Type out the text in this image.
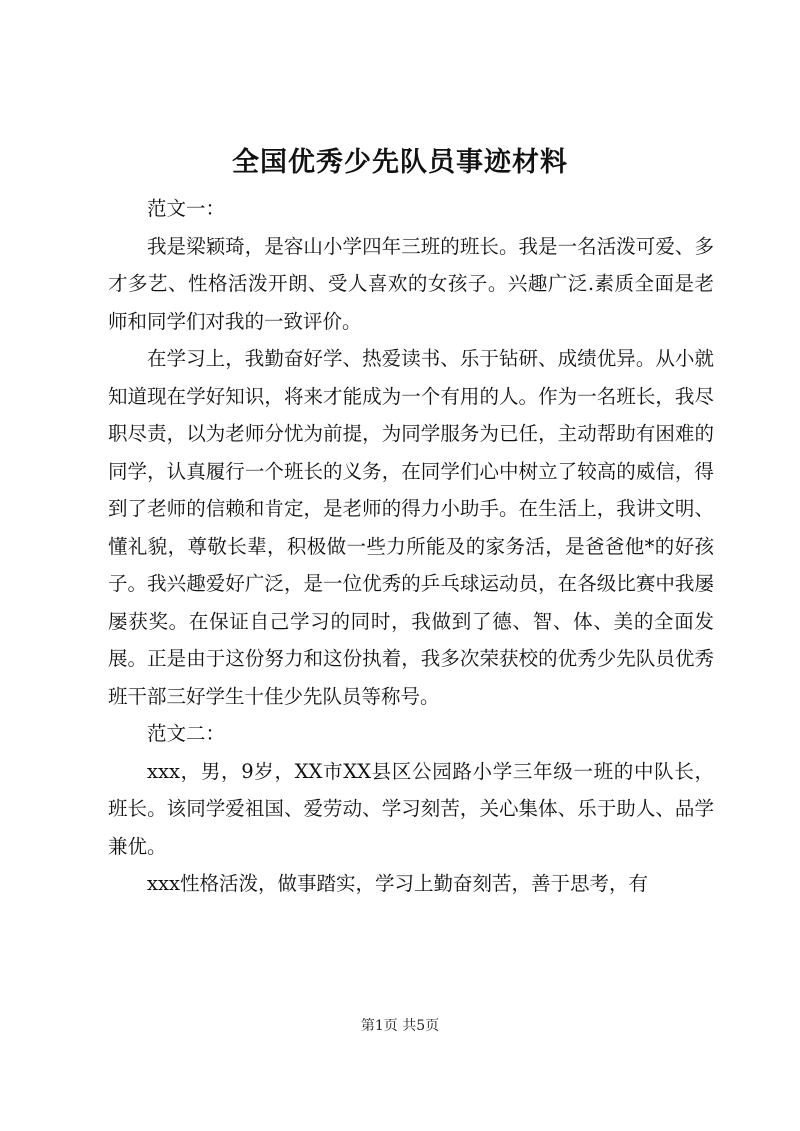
全国优秀少先队员事迹材料

范文一：

我是梁颖琦，是容山小学四年三班的班长。我是一名活泼可爱、多才多艺、性格活泼开朗、受人喜欢的女孩子。兴趣广泛.素质全面是老师和同学们对我的一致评价。

在学习上，我勤奋好学、热爱读书、乐于钻研、成绩优异。从小就知道现在学好知识，将来才能成为一个有用的人。作为一名班长，我尽职尽责，以为老师分忧为前提，为同学服务为已任，主动帮助有困难的同学，认真履行一个班长的义务，在同学们心中树立了较高的威信，得到了老师的信赖和肯定，是老师的得力小助手。在生活上，我讲文明、懂礼貌，尊敬长辈，积极做一些力所能及的家务活，是爸爸他*的好孩子。我兴趣爱好广泛，是一位优秀的乒乓球运动员，在各级比赛中我屡屡获奖。在保证自己学习的同时，我做到了德、智、体、美的全面发展。正是由于这份努力和这份执着，我多次荣获校的优秀少先队员优秀班干部三好学生十佳少先队员等称号。

范文二：

xxx，男，9岁，XX市XX县区公园路小学三年级一班的中队长，班长。该同学爱祖国、爱劳动、学习刻苦，关心集体、乐于助人、品学兼优。

xxx性格活泼，做事踏实，学习上勤奋刻苦，善于思考，有

第1页 共5页
